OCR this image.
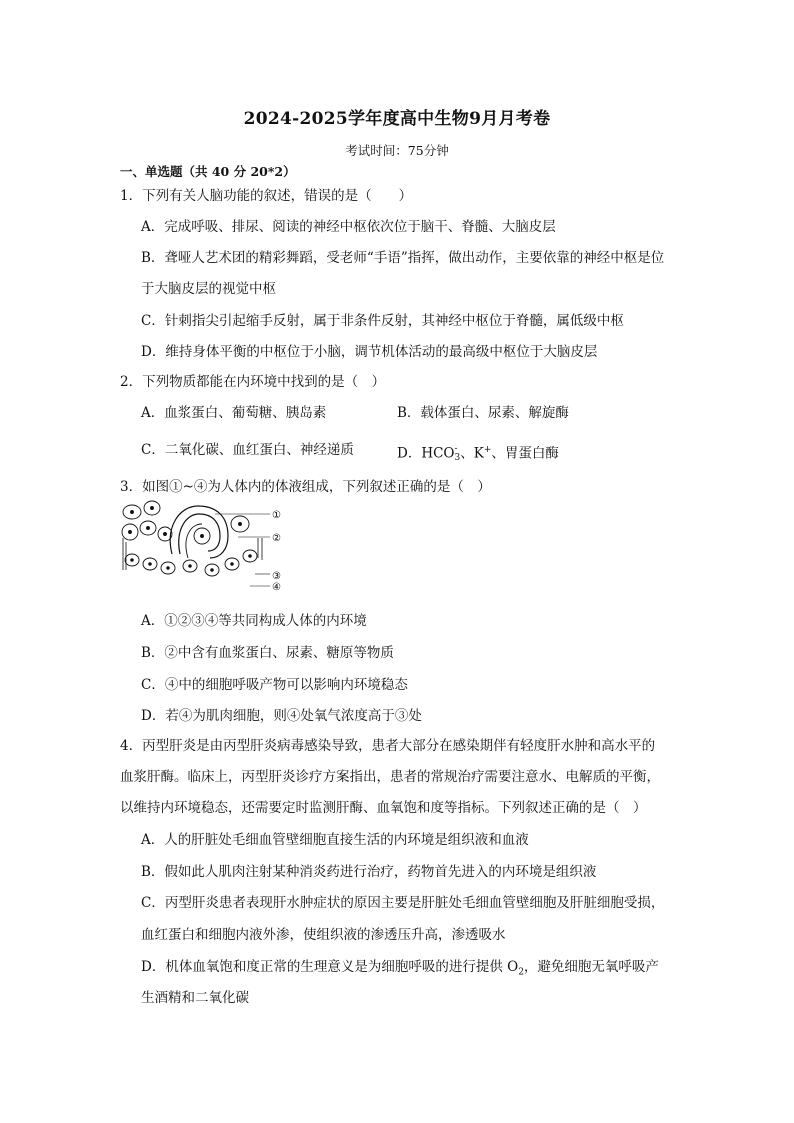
2024-2025学年度高中生物9月月考卷
考试时间：75分钟
一、单选题（共 40 分 20*2）
1．下列有关人脑功能的叙述，错误的是（　　）
A．完成呼吸、排尿、阅读的神经中枢依次位于脑干、脊髓、大脑皮层
B．聋哑人艺术团的精彩舞蹈，受老师“手语”指挥，做出动作，主要依靠的神经中枢是位
于大脑皮层的视觉中枢
C．针刺指尖引起缩手反射，属于非条件反射，其神经中枢位于脊髓，属低级中枢
D．维持身体平衡的中枢位于小脑，调节机体活动的最高级中枢位于大脑皮层
2．下列物质都能在内环境中找到的是（　）
A．血浆蛋白、葡萄糖、胰岛素	B．载体蛋白、尿素、解旋酶
C．二氧化碳、血红蛋白、神经递质	D．HCO -
3 、K+、胃蛋白酶
3．如图①~④为人体内的体液组成，下列叙述正确的是（　）
①
②
③
④
A．①②③④等共同构成人体的内环境
B．②中含有血浆蛋白、尿素、糖原等物质
C．④中的细胞呼吸产物可以影响内环境稳态
D．若④为肌肉细胞，则④处氧气浓度高于③处
4．丙型肝炎是由丙型肝炎病毒感染导致，患者大部分在感染期伴有轻度肝水肿和高水平的
血浆肝酶。临床上，丙型肝炎诊疗方案指出，患者的常规治疗需要注意水、电解质的平衡，
以维持内环境稳态，还需要定时监测肝酶、血氧饱和度等指标。下列叙述正确的是（　）
A．人的肝脏处毛细血管壁细胞直接生活的内环境是组织液和血液
B．假如此人肌肉注射某种消炎药进行治疗，药物首先进入的内环境是组织液
C．丙型肝炎患者表现肝水肿症状的原因主要是肝脏处毛细血管壁细胞及肝脏细胞受损，
血红蛋白和细胞内液外渗，使组织液的渗透压升高，渗透吸水
D．机体血氧饱和度正常的生理意义是为细胞呼吸的进行提供 $O_2$，避免细胞无氧呼吸产
生酒精和二氧化碳
